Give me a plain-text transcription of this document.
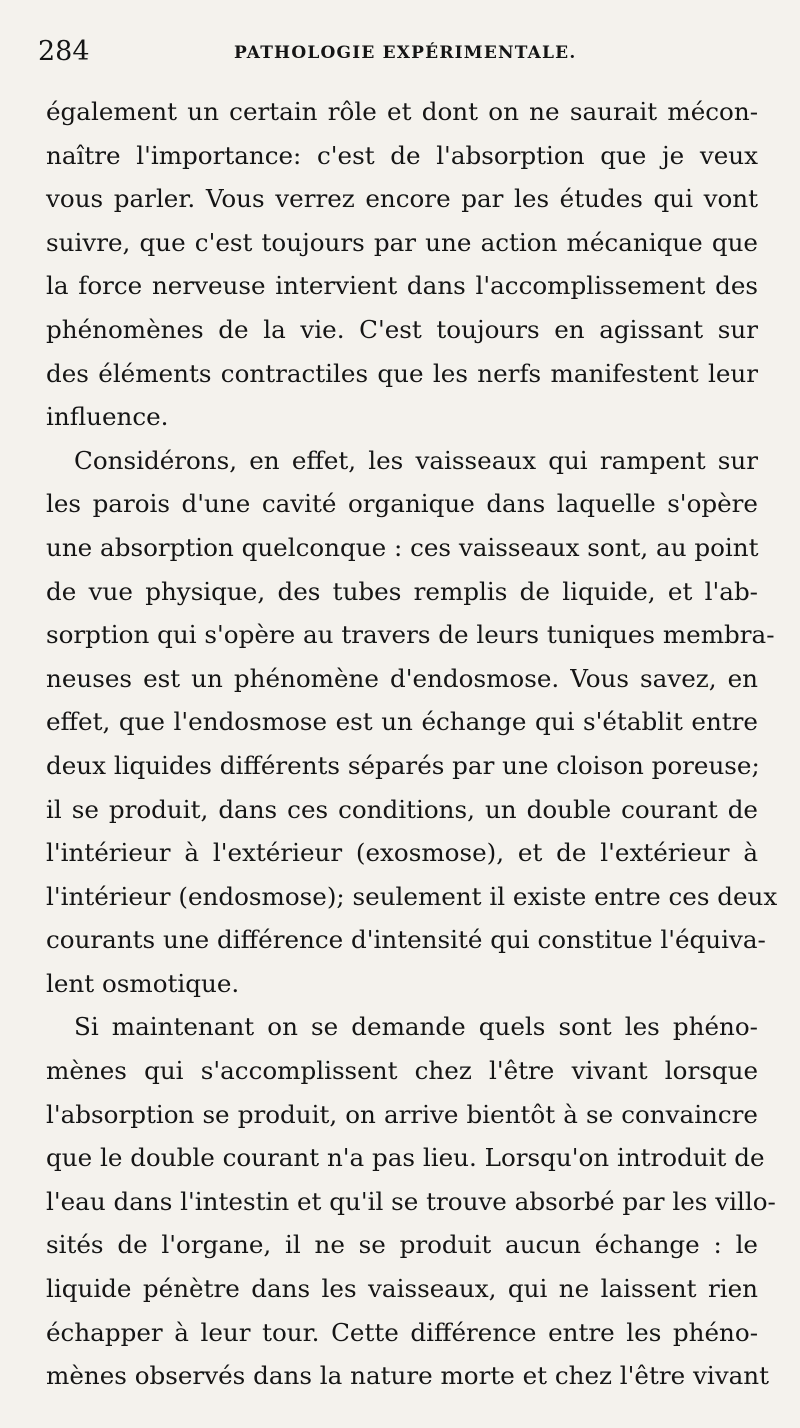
284	PATHOLOGIE EXPÉRIMENTALE.
également un certain rôle et dont on ne saurait mécon-
naître l'importance: c'est de l'absorption que je veux
vous parler. Vous verrez encore par les études qui vont
suivre, que c'est toujours par une action mécanique que
la force nerveuse intervient dans l'accomplissement des
phénomènes de la vie. C'est toujours en agissant sur
des éléments contractiles que les nerfs manifestent leur
influence.
Considérons, en effet, les vaisseaux qui rampent sur
les parois d'une cavité organique dans laquelle s'opère
une absorption quelconque : ces vaisseaux sont, au point
de vue physique, des tubes remplis de liquide, et l'ab-
sorption qui s'opère au travers de leurs tuniques membra-
neuses est un phénomène d'endosmose. Vous savez, en
effet, que l'endosmose est un échange qui s'établit entre
deux liquides différents séparés par une cloison poreuse;
il se produit, dans ces conditions, un double courant de
l'intérieur à l'extérieur (exosmose), et de l'extérieur à
l'intérieur (endosmose); seulement il existe entre ces deux
courants une différence d'intensité qui constitue l'équiva-
lent osmotique.
Si maintenant on se demande quels sont les phéno-
mènes qui s'accomplissent chez l'être vivant lorsque
l'absorption se produit, on arrive bientôt à se convaincre
que le double courant n'a pas lieu. Lorsqu'on introduit de
l'eau dans l'intestin et qu'il se trouve absorbé par les villo-
sités de l'organe, il ne se produit aucun échange : le
liquide pénètre dans les vaisseaux, qui ne laissent rien
échapper à leur tour. Cette différence entre les phéno-
mènes observés dans la nature morte et chez l'être vivant
